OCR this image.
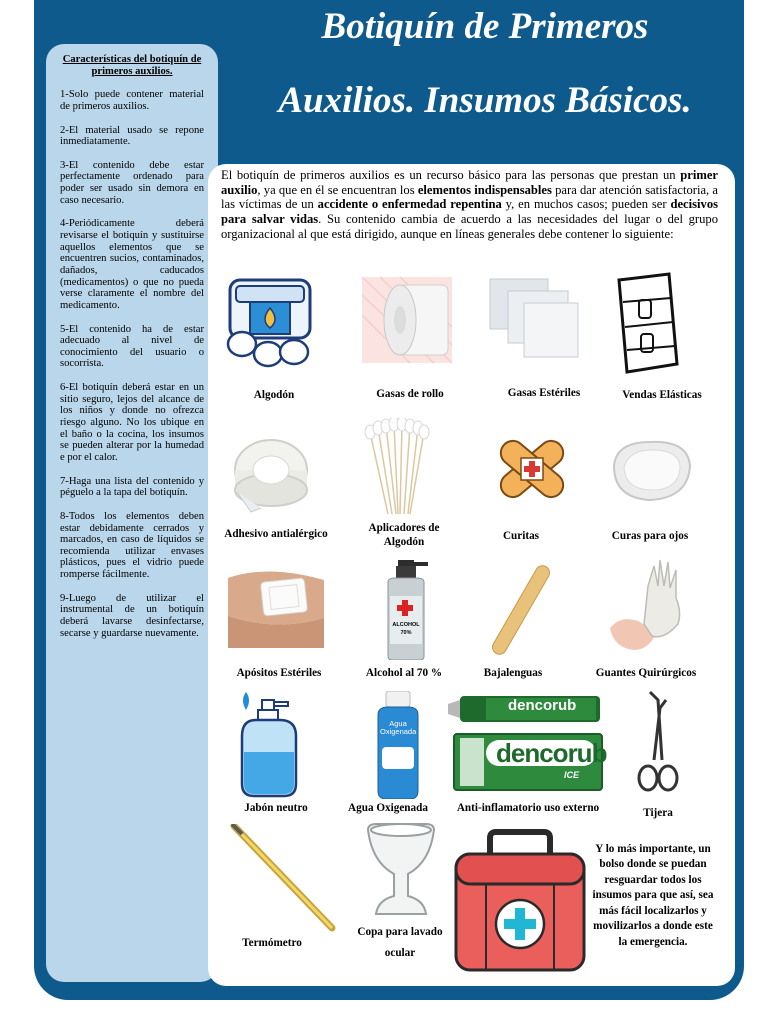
Botiquín de Primeros
Auxilios. Insumos Básicos.
Características del botiquín de primeros auxilios.

1-Solo puede contener material de primeros auxilios.

2-El material usado se repone inmediatamente.

3-El contenido debe estar perfectamente ordenado para poder ser usado sin demora en caso necesario.

4-Periódicamente deberá revisarse el botiquín y sustituirse aquellos elementos que se encuentren sucios, contaminados, dañados, caducados (medicamentos) o que no pueda verse claramente el nombre del medicamento.

5-El contenido ha de estar adecuado al nivel de conocimiento del usuario o socorrista.

6-El botiquín deberá estar en un sitio seguro, lejos del alcance de los niños y donde no ofrezca riesgo alguno. No los ubique en el baño o la cocina, los insumos se pueden alterar por la humedad e por el calor.

7-Haga una lista del contenido y péguelo a la tapa del botiquín.

8-Todos los elementos deben estar debidamente cerrados y marcados, en caso de líquidos se recomienda utilizar envases plásticos, pues el vidrio puede romperse fácilmente.

9-Luego de utilizar el instrumental de un botiquín deberá lavarse desinfectarse, secarse y guardarse nuevamente.

El botiquín de primeros auxilios es un recurso básico para las personas que prestan un primer auxilio, ya que en él se encuentran los elementos indispensables para dar atención satisfactoria, a las víctimas de un accidente o enfermedad repentina y, en muchos casos; pueden ser decisivos para salvar vidas. Su contenido cambia de acuerdo a las necesidades del lugar o del grupo organizacional al que está dirigido, aunque en líneas generales debe contener lo siguiente:
Algodón	Gasas de rollo	Gasas Estériles	Vendas Elásticas
Adhesivo antialérgico	Aplicadores de Algodón	Curitas	Curas para ojos
Apósitos Estériles
ALCOHOL 70%
Alcohol al 70 %	Bajalenguas	Guantes Quirúrgicos
Jabón neutro
Agua Oxigenada
Agua Oxigenada
dencorub
dencorub
ICE
Anti-inflamatorio uso externo	Tijera
Termómetro
Copa para lavado ocular
Y lo más importante, un bolso donde se puedan resguardar todos los insumos para que así, sea más fácil localizarlos y movilizarlos a donde este la emergencia.
